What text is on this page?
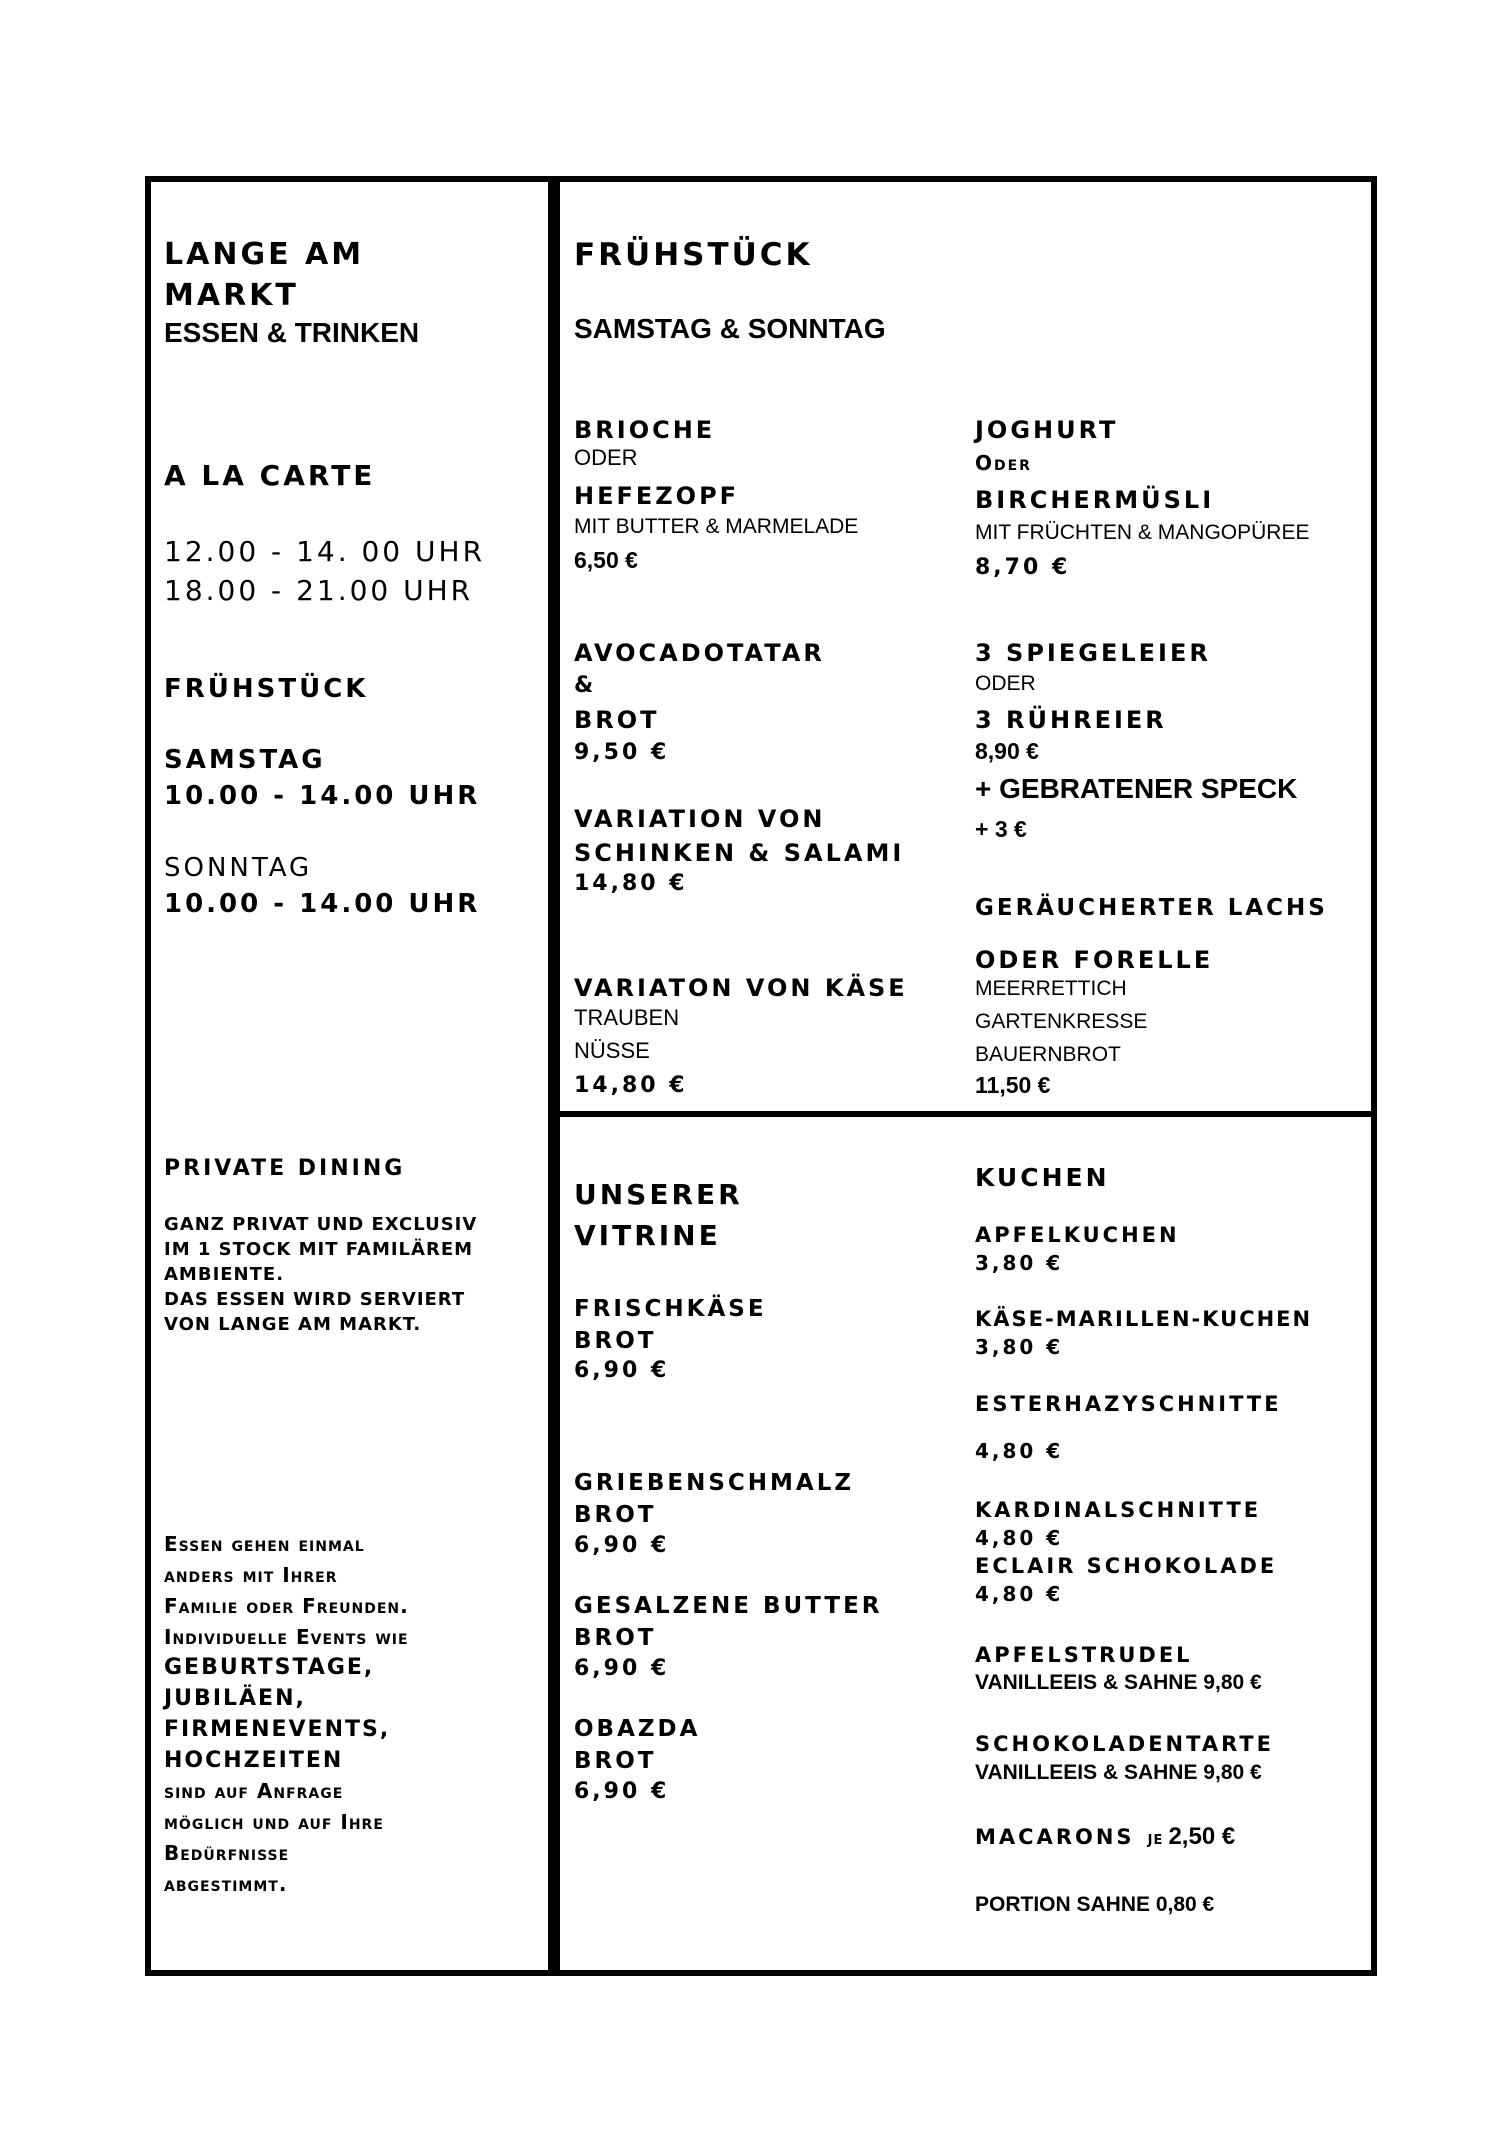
LANGE AM
MARKT
ESSEN & TRINKEN
A LA CARTE
12.00 - 14. 00 UHR
18.00 - 21.00 UHR
FRÜHSTÜCK
SAMSTAG
10.00 - 14.00 UHR
SONNTAG
10.00 - 14.00 UHR
PRIVATE DINING
GANZ PRIVAT UND EXCLUSIV
IM 1 STOCK MIT FAMILÄREM
AMBIENTE.
DAS ESSEN WIRD SERVIERT
VON LANGE AM MARKT.
Essen gehen einmal
anders mit Ihrer
Familie oder Freunden.
Individuelle Events wie
GEBURTSTAGE,
JUBILÄEN,
FIRMENEVENTS,
HOCHZEITEN
sind auf Anfrage
möglich und auf Ihre
Bedürfnisse
abgestimmt.
FRÜHSTÜCK
SAMSTAG & SONNTAG
BRIOCHE
ODER
HEFEZOPF
MIT BUTTER & MARMELADE
6,50 €
AVOCADOTATAR
&
BROT
9,50 €
VARIATION VON
SCHINKEN & SALAMI
14,80 €
VARIATON VON KÄSE
TRAUBEN
NÜSSE
14,80 €
JOGHURT
Oder
BIRCHERMÜSLI
MIT FRÜCHTEN & MANGOPÜREE
8,70 €
3 SPIEGELEIER
ODER
3 RÜHREIER
8,90 €
+ GEBRATENER SPECK
+ 3 €
GERÄUCHERTER LACHS
ODER FORELLE
MEERRETTICH
GARTENKRESSE
BAUERNBROT
11,50 €
UNSERER
VITRINE
FRISCHKÄSE
BROT
6,90 €
GRIEBENSCHMALZ
BROT
6,90 €
GESALZENE BUTTER
BROT
6,90 €
OBAZDA
BROT
6,90 €
KUCHEN
APFELKUCHEN
3,80 €
KÄSE-MARILLEN-KUCHEN
3,80 €
ESTERHAZYSCHNITTE
4,80 €
KARDINALSCHNITTE
4,80 €
ECLAIR SCHOKOLADE
4,80 €
APFELSTRUDEL
VANILLEEIS & SAHNE 9,80 €
SCHOKOLADENTARTE
VANILLEEIS & SAHNE 9,80 €
MACARONS je 2,50 €
PORTION SAHNE 0,80 €
